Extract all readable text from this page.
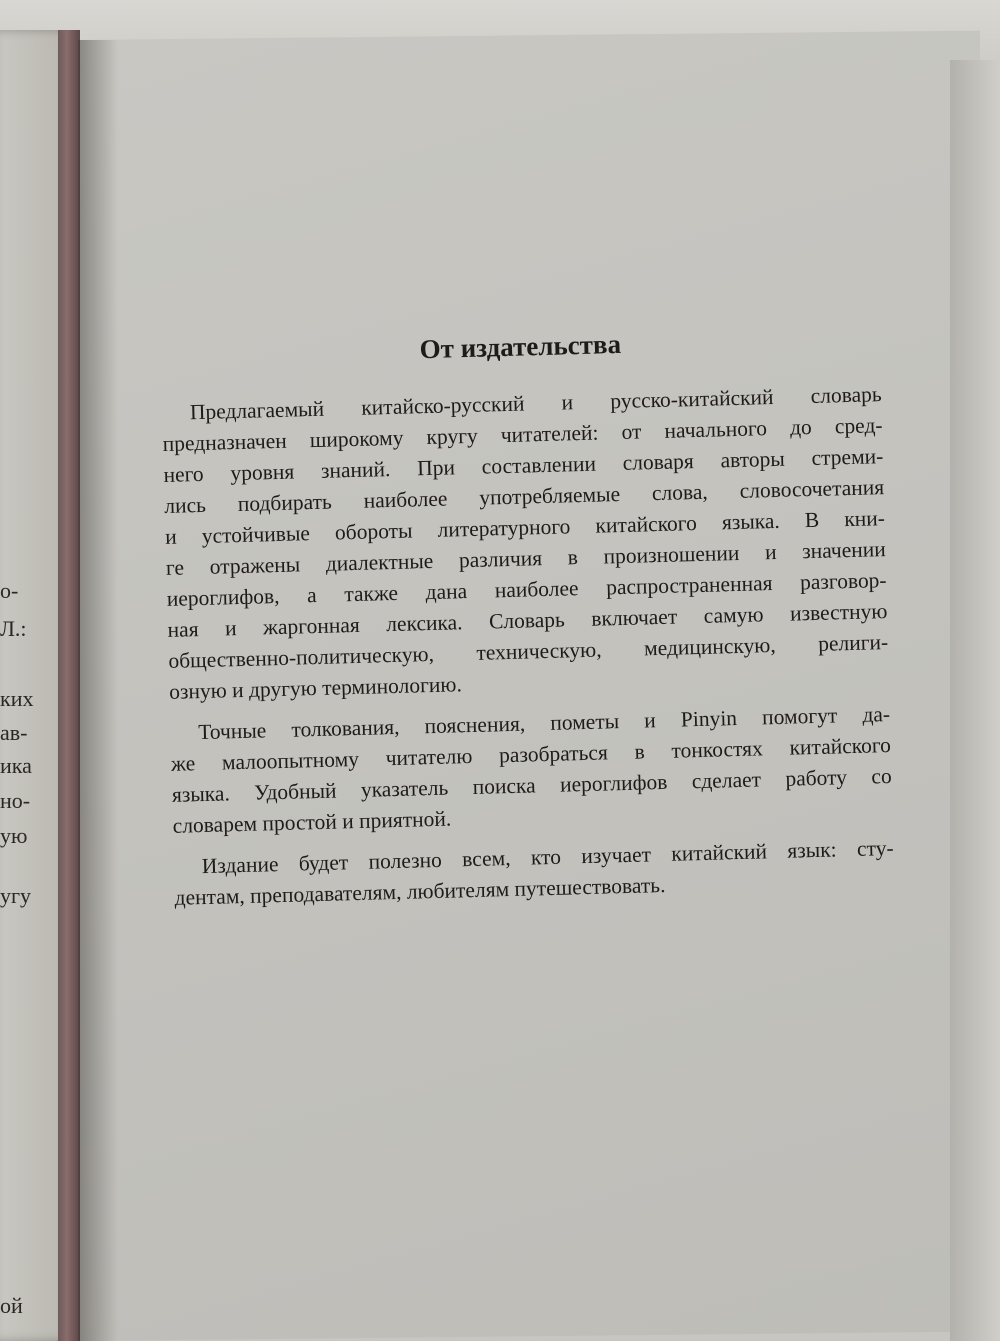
о-
Л.:
ких
ав-
ика
но-
ую
угу
ой
От издательства
Предлагаемый китайско-русский и русско-китайский словарь
предназначен широкому кругу читателей: от начального до сред-
него уровня знаний. При составлении словаря авторы стреми-
лись подбирать наиболее употребляемые слова, словосочетания
и устойчивые обороты литературного китайского языка. В кни-
ге отражены диалектные различия в произношении и значении
иероглифов, а также дана наиболее распространенная разговор-
ная и жаргонная лексика. Словарь включает самую известную
общественно-политическую, техническую, медицинскую, религи-
озную и другую терминологию.
Точные толкования, пояснения, пометы и Pinyin помогут да-
же малоопытному читателю разобраться в тонкостях китайского
языка. Удобный указатель поиска иероглифов сделает работу со
словарем простой и приятной.
Издание будет полезно всем, кто изучает китайский язык: сту-
дентам, преподавателям, любителям путешествовать.
